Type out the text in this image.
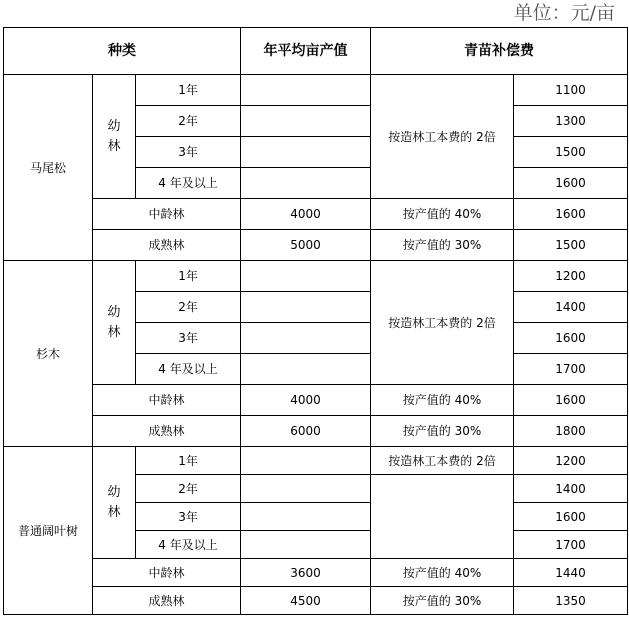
单位：元/亩
种类			年平均亩产值	青苗补偿费	
马尾松	幼林	1年		按造林工本费的 2倍	1100
		2年			1300
		3年			1500
		4 年及以上			1600
	中龄林		4000	按产值的 40%	1600
	成熟林		5000	按产值的 30%	1500
杉木	幼林	1年		按造林工本费的 2倍	1200
		2年			1400
		3年			1600
		4 年及以上			1700
	中龄林		4000	按产值的 40%	1600
	成熟林		6000	按产值的 30%	1800
普通阔叶树	幼林	1年		按造林工本费的 2倍	1200
		2年			1400
		3年			1600
		4 年及以上			1700
	中龄林		3600	按产值的 40%	1440
	成熟林		4500	按产值的 30%	1350
